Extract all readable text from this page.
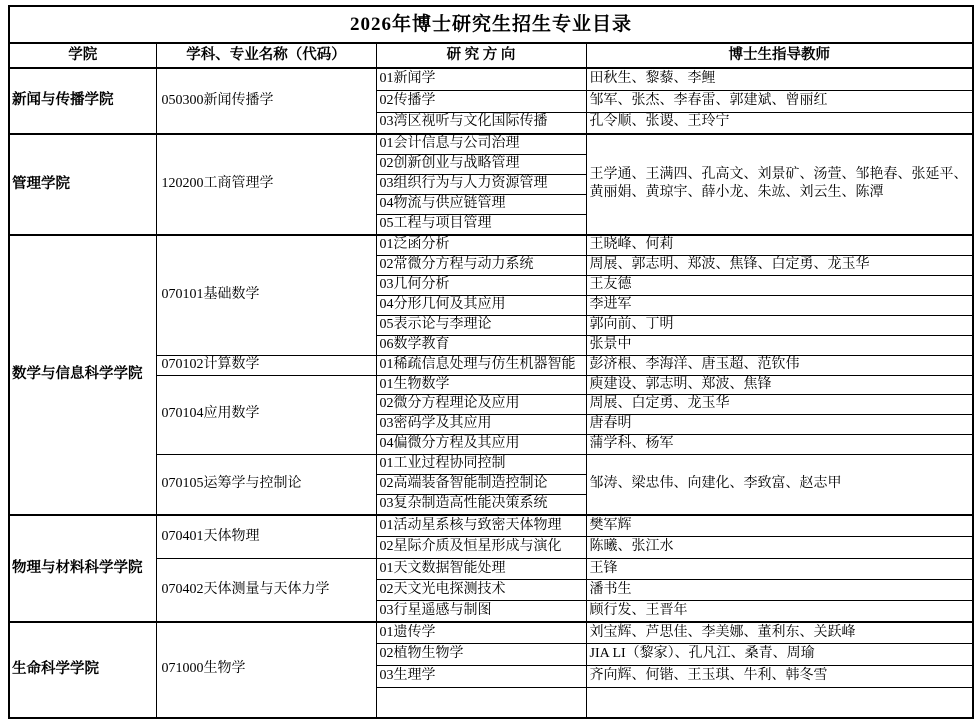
2026年博士研究生招生专业目录			
学院	学科、专业名称（代码）	研 究 方 向	博士生指导教师
新闻与传播学院	050300新闻传播学	01新闻学	田秋生、黎藜、李鲤
		02传播学	邹军、张杰、李春雷、郭建斌、曾丽红
		03湾区视听与文化国际传播	孔令顺、张谡、王玲宁
管理学院	120200工商管理学	01会计信息与公司治理	王学通、王满四、孔高文、刘景矿、汤萱、邹艳春、张延平、黄丽娟、黄琼宇、薛小龙、朱竑、刘云生、陈潭
		02创新创业与战略管理	
		03组织行为与人力资源管理	
		04物流与供应链管理	
		05工程与项目管理	
数学与信息科学学院	070101基础数学	01泛函分析	王晓峰、何莉
		02常微分方程与动力系统	周展、郭志明、郑波、焦锋、白定勇、龙玉华
		03几何分析	王友德
		04分形几何及其应用	李进军
		05表示论与李理论	郭向前、丁明
		06数学教育	张景中
	070102计算数学	01稀疏信息处理与仿生机器智能	彭济根、李海洋、唐玉超、范钦伟
	070104应用数学	01生物数学	庾建设、郭志明、郑波、焦锋
		02微分方程理论及应用	周展、白定勇、龙玉华
		03密码学及其应用	唐春明
		04偏微分方程及其应用	蒲学科、杨军
	070105运筹学与控制论	01工业过程协同控制	邹涛、梁忠伟、向建化、李致富、赵志甲
		02高端装备智能制造控制论	
		03复杂制造高性能决策系统	
物理与材料科学学院	070401天体物理	01活动星系核与致密天体物理	樊军辉
		02星际介质及恒星形成与演化	陈曦、张江水
	070402天体测量与天体力学	01天文数据智能处理	王锋
		02天文光电探测技术	潘书生
		03行星遥感与制图	顾行发、王晋年
生命科学学院	071000生物学	01遗传学	刘宝辉、芦思佳、李美娜、董利东、关跃峰
		02植物生物学	JIA LI（黎家）、孔凡江、桑青、周瑜
		03生理学	齐向辉、何锴、王玉琪、牛利、韩冬雪
